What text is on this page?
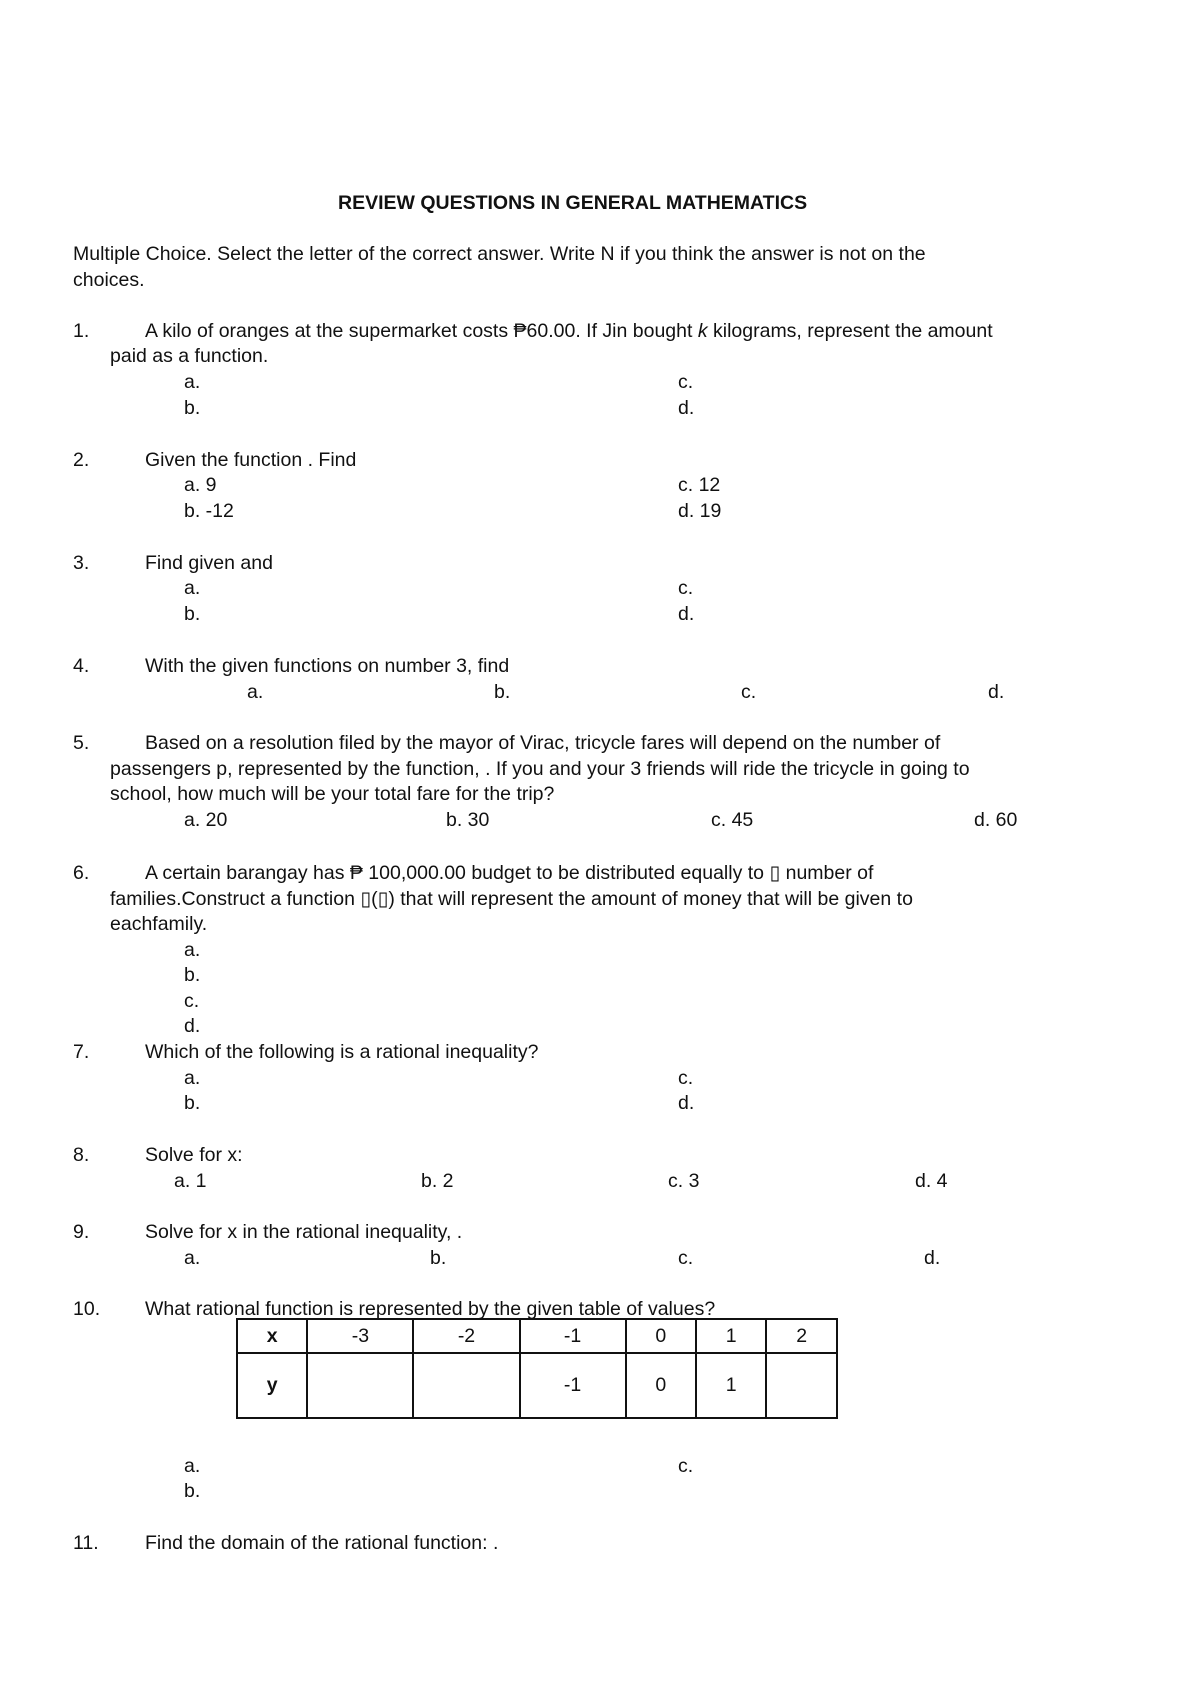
REVIEW QUESTIONS IN GENERAL MATHEMATICS
Multiple Choice. Select the letter of the correct answer. Write N if you think the answer is not on the
choices.
1.	A kilo of oranges at the supermarket costs ₱60.00. If Jin bought k kilograms, represent the amount
paid as a function.
a.	c.
b.	d.
2.	Given the function . Find
a. 9	c. 12
b. -12	d. 19
3.	Find given and
a.	c.
b.	d.
4.	With the given functions on number 3, find
a.	b.	c.	d.
5.	Based on a resolution filed by the mayor of Virac, tricycle fares will depend on the number of
passengers p, represented by the function, . If you and your 3 friends will ride the tricycle in going to
school, how much will be your total fare for the trip?
a. 20	b. 30	c. 45	d. 60
6.	A certain barangay has ₱ 100,000.00 budget to be distributed equally to ▯ number of
families.Construct a function ▯(▯) that will represent the amount of money that will be given to
eachfamily.
a.
b.
c.
d.
7.	Which of the following is a rational inequality?
a.	c.
b.	d.
8.	Solve for x:
a. 1	b. 2	c. 3	d. 4
9.	Solve for x in the rational inequality, .
a.	b.	c.	d.
10. What rational function is represented by the given table of values?
x	-3	-2	-1	0	1	2
y			-1	0	1	
a.	c.
b.
11. Find the domain of the rational function: .
